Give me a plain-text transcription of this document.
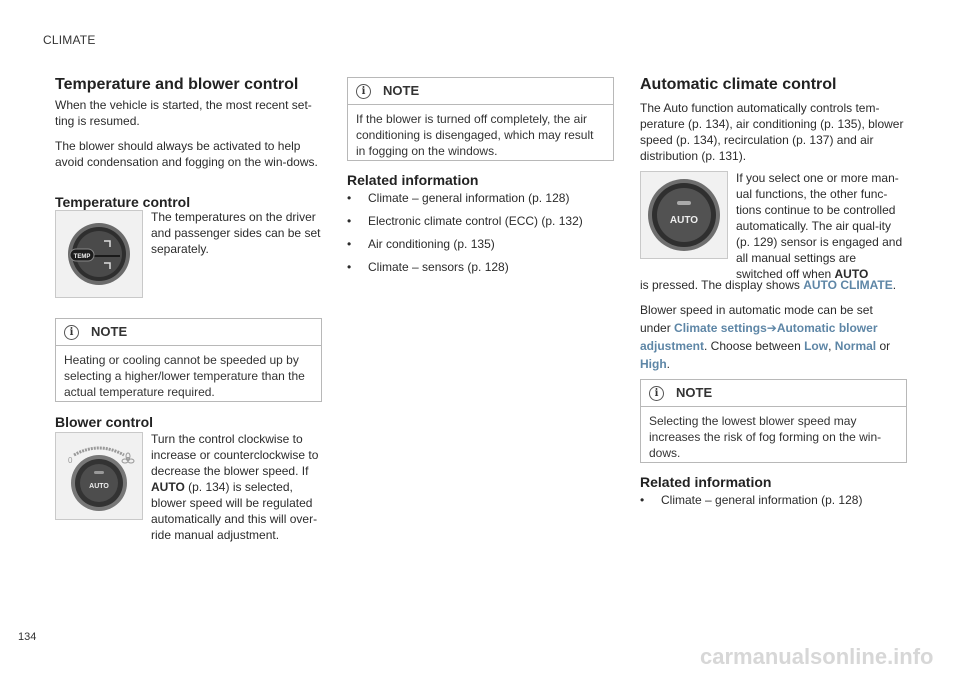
CLIMATE
134
Temperature and blower control

When the vehicle is started, the most recent set-ting is resumed.

The blower should always be activated to help avoid condensation and fogging on the win-dows.

Temperature control
TEMP
The temperatures on the driver and passenger sides can be set separately.
i	NOTE
Heating or cooling cannot be speeded up by selecting a higher/lower temperature than the actual temperature required.
Blower control
0
AUTO
Turn the control clockwise to increase or counterclockwise to decrease the blower speed. If AUTO (p. 134) is selected, blower speed will be regulated automatically and this will over-ride manual adjustment.
i	NOTE
If the blower is turned off completely, the air conditioning is disengaged, which may result in fogging on the windows.
Related information
•	Climate – general information (p. 128)
•	Electronic climate control (ECC) (p. 132)
•	Air conditioning (p. 135)
•	Climate – sensors (p. 128)
Automatic climate control

The Auto function automatically controls tem-perature (p. 134), air conditioning (p. 135), blower speed (p. 134), recirculation (p. 137) and air distribution (p. 131).

AUTO
If you select one or more man-ual functions, the other func-tions continue to be controlled automatically. The air qual-ity (p. 129) sensor is engaged and all manual settings are switched off when AUTO
is pressed. The display shows AUTO CLIMATE.
Blower speed in automatic mode can be set under Climate settings➔Automatic blower adjustment. Choose between Low, Normal or High.
i	NOTE
Selecting the lowest blower speed may increases the risk of fog forming on the win-dows.
Related information
•	Climate – general information (p. 128)
carmanualsonline.info
